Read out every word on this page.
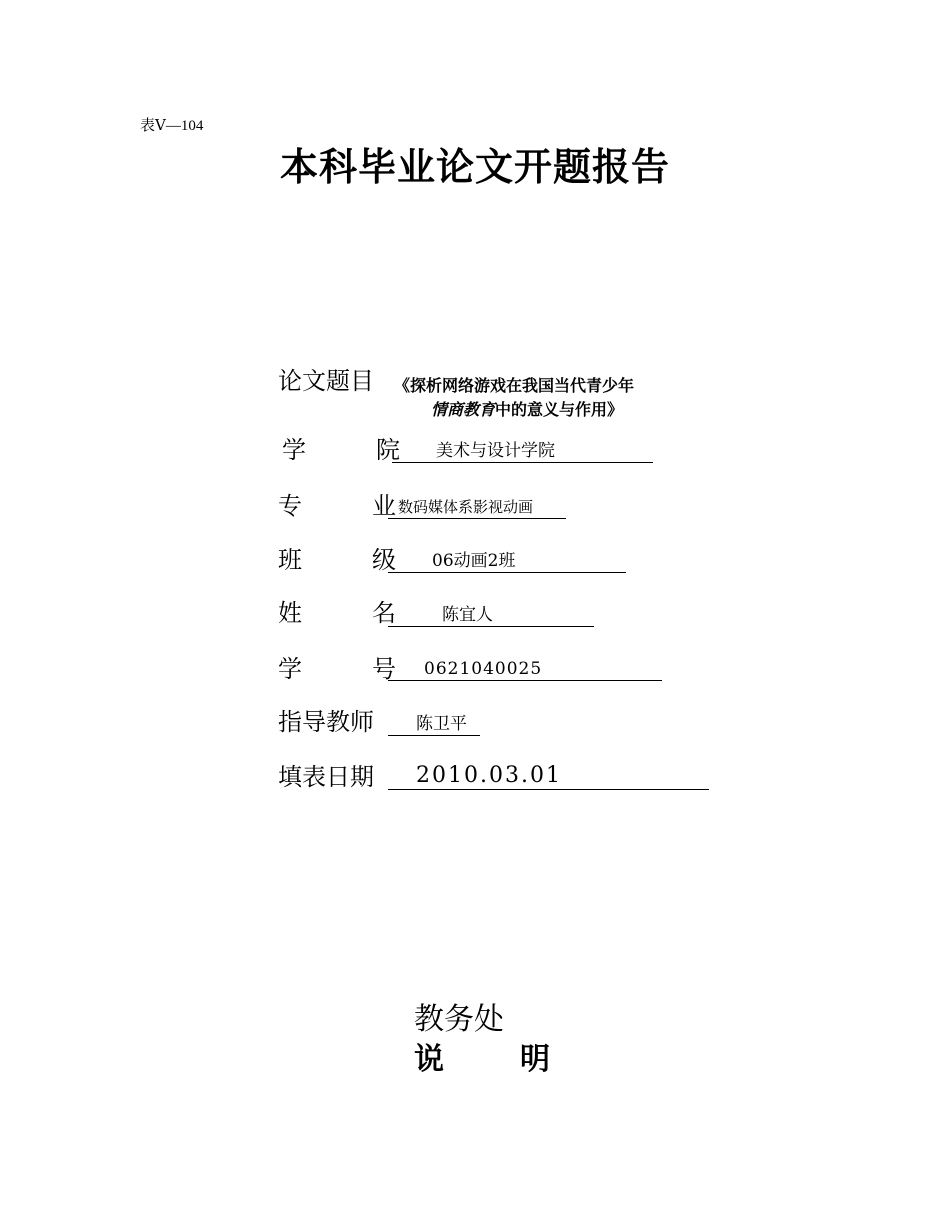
表Ⅴ—104
本科毕业论文开题报告
论文题目 《探析网络游戏在我国当代青少年
情商教育中的意义与作用》
学	院	美术与设计学院
专	业 数码媒体系影视动画
班	级	06动画2班
姓	名	陈宜人
学	号	0621040025
指导教师	陈卫平
填表日期	2010.03.01
教务处
说	明
